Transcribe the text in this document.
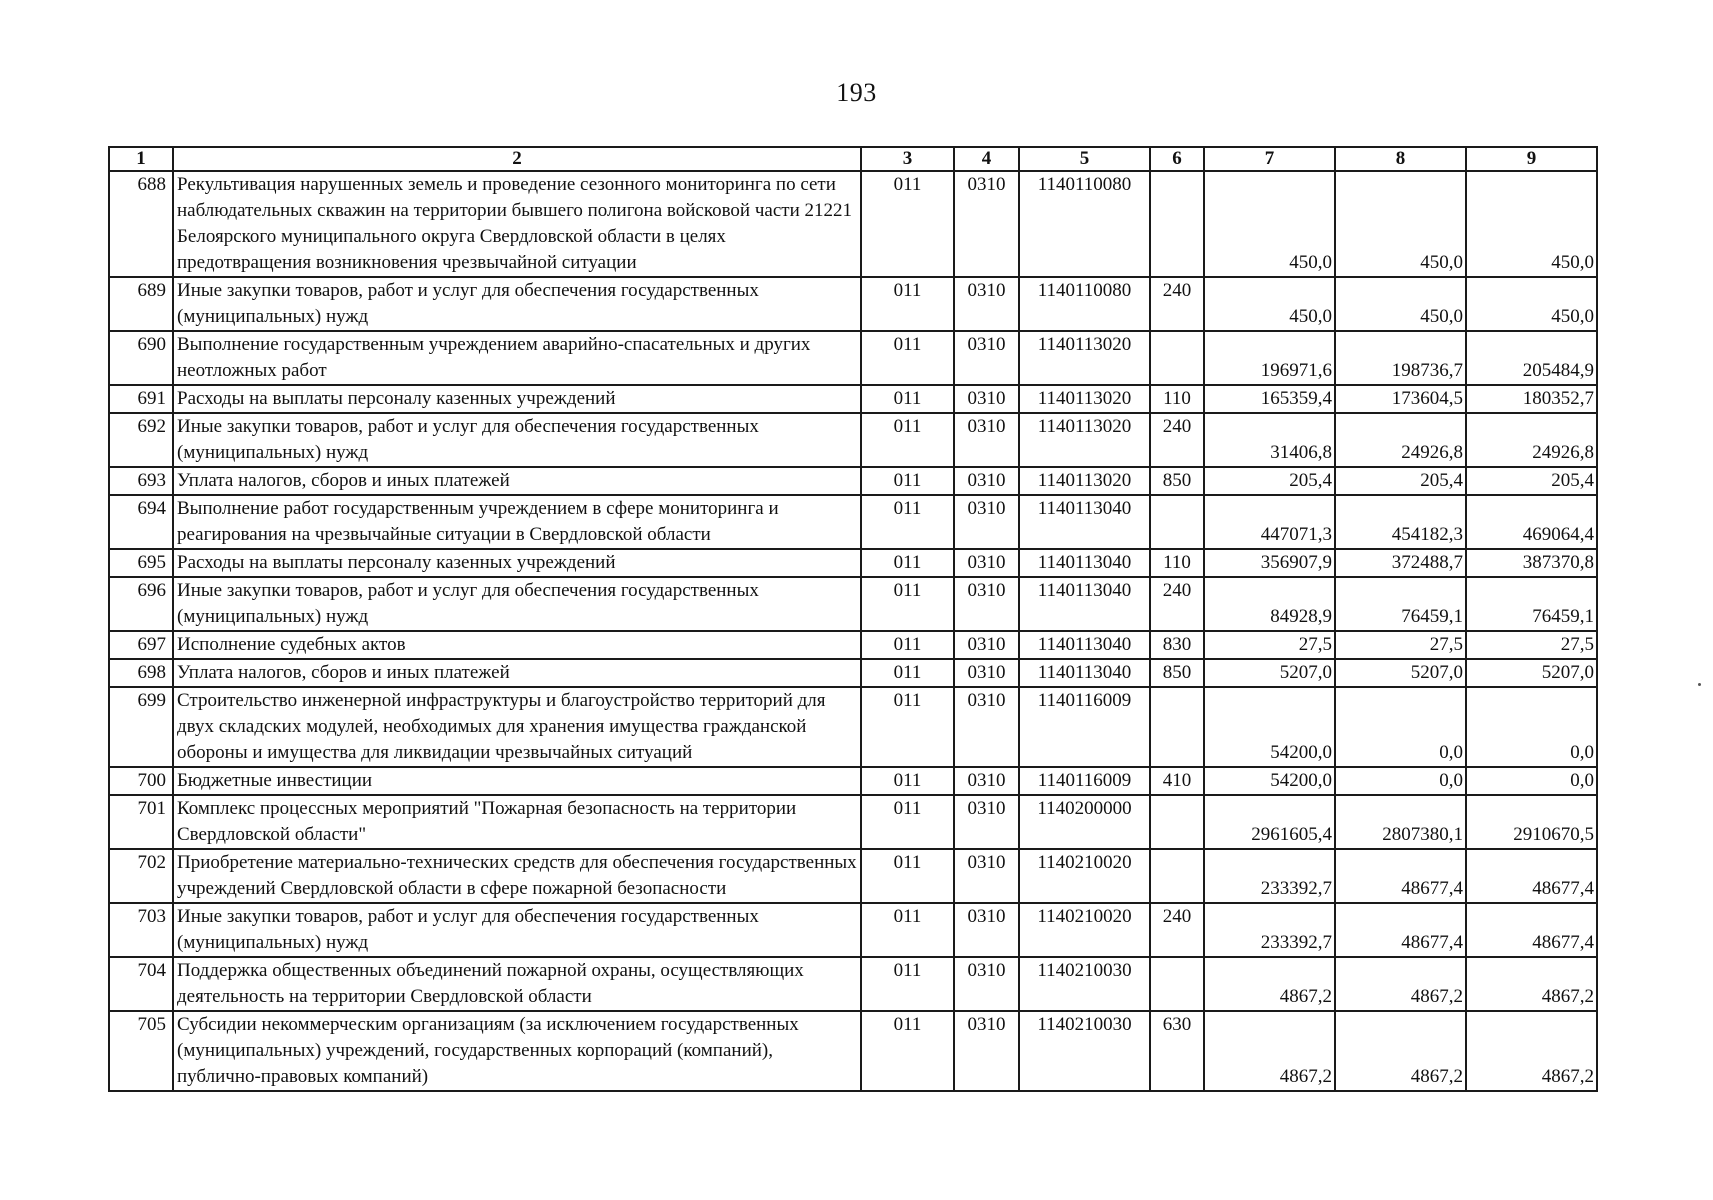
193
1	2	3	4	5	6	7	8	9
688	Рекультивация нарушенных земель и проведение сезонного мониторинга по сети наблюдательных скважин на территории бывшего полигона войсковой части 21221 Белоярского муниципального округа Свердловской области в целях предотвращения возникновения чрезвычайной ситуации	011	0310	1140110080		450,0	450,0	450,0
689	Иные закупки товаров, работ и услуг для обеспечения государственных (муниципальных) нужд	011	0310	1140110080	240	450,0	450,0	450,0
690	Выполнение государственным учреждением аварийно-спасательных и других неотложных работ	011	0310	1140113020		196971,6	198736,7	205484,9
691	Расходы на выплаты персоналу казенных учреждений	011	0310	1140113020	110	165359,4	173604,5	180352,7
692	Иные закупки товаров, работ и услуг для обеспечения государственных (муниципальных) нужд	011	0310	1140113020	240	31406,8	24926,8	24926,8
693	Уплата налогов, сборов и иных платежей	011	0310	1140113020	850	205,4	205,4	205,4
694	Выполнение работ государственным учреждением в сфере мониторинга и реагирования на чрезвычайные ситуации в Свердловской области	011	0310	1140113040		447071,3	454182,3	469064,4
695	Расходы на выплаты персоналу казенных учреждений	011	0310	1140113040	110	356907,9	372488,7	387370,8
696	Иные закупки товаров, работ и услуг для обеспечения государственных (муниципальных) нужд	011	0310	1140113040	240	84928,9	76459,1	76459,1
697	Исполнение судебных актов	011	0310	1140113040	830	27,5	27,5	27,5
698	Уплата налогов, сборов и иных платежей	011	0310	1140113040	850	5207,0	5207,0	5207,0
699	Строительство инженерной инфраструктуры и благоустройство территорий для двух складских модулей, необходимых для хранения имущества гражданской обороны и имущества для ликвидации чрезвычайных ситуаций	011	0310	1140116009		54200,0	0,0	0,0
700	Бюджетные инвестиции	011	0310	1140116009	410	54200,0	0,0	0,0
701	Комплекс процессных мероприятий "Пожарная безопасность на территории Свердловской области"	011	0310	1140200000		2961605,4	2807380,1	2910670,5
702	Приобретение материально-технических средств для обеспечения государственных учреждений Свердловской области в сфере пожарной безопасности	011	0310	1140210020		233392,7	48677,4	48677,4
703	Иные закупки товаров, работ и услуг для обеспечения государственных (муниципальных) нужд	011	0310	1140210020	240	233392,7	48677,4	48677,4
704	Поддержка общественных объединений пожарной охраны, осуществляющих деятельность на территории Свердловской области	011	0310	1140210030		4867,2	4867,2	4867,2
705	Субсидии некоммерческим организациям (за исключением государственных (муниципальных) учреждений, государственных корпораций (компаний), публично-правовых компаний)	011	0310	1140210030	630	4867,2	4867,2	4867,2
